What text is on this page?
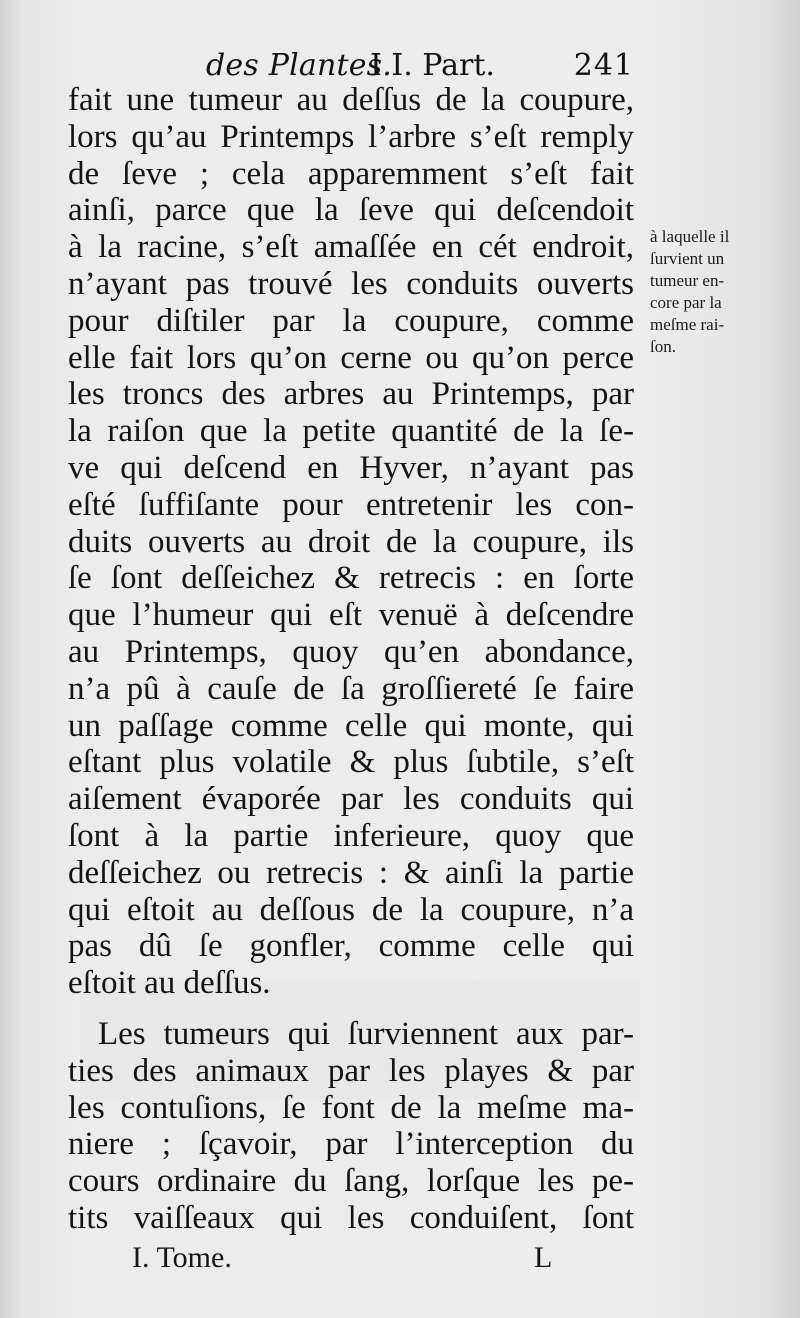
des Plantes.
I I. Part.	241
fait une tumeur au deſſus de la coupure,
lors qu’au Printemps l’arbre s’eſt remply
de ſeve ; cela apparemment s’eſt fait
ainſi, parce que la ſeve qui deſcendoit
à la racine, s’eſt amaſſée en cét endroit,
n’ayant pas trouvé les conduits ouverts
pour diſtiler par la coupure, comme
elle fait lors qu’on cerne ou qu’on perce
les troncs des arbres au Printemps, par
la raiſon que la petite quantité de la ſe-
ve qui deſcend en Hyver, n’ayant pas
eſté ſuffiſante pour entretenir les con-
duits ouverts au droit de la coupure, ils
ſe ſont deſſeichez & retrecis : en ſorte
que l’humeur qui eſt venuë à deſcendre
au Printemps, quoy qu’en abondance,
n’a pû à cauſe de ſa groſſiereté ſe faire
un paſſage comme celle qui monte, qui
eſtant plus volatile & plus ſubtile, s’eſt
aiſement évaporée par les conduits qui
ſont à la partie inferieure, quoy que
deſſeichez ou retrecis : & ainſi la partie
qui eſtoit au deſſous de la coupure, n’a
pas dû ſe gonfler, comme celle qui
eſtoit au deſſus.
Les tumeurs qui ſurviennent aux par-
ties des animaux par les playes & par
les contuſions, ſe font de la meſme ma-
niere ; ſçavoir, par l’interception du
cours ordinaire du ſang, lorſque les pe-
tits vaiſſeaux qui les conduiſent, ſont
à laquelle il
ſurvient un
tumeur en-
core par la
meſme rai-
ſon.
I. Tome.	L
